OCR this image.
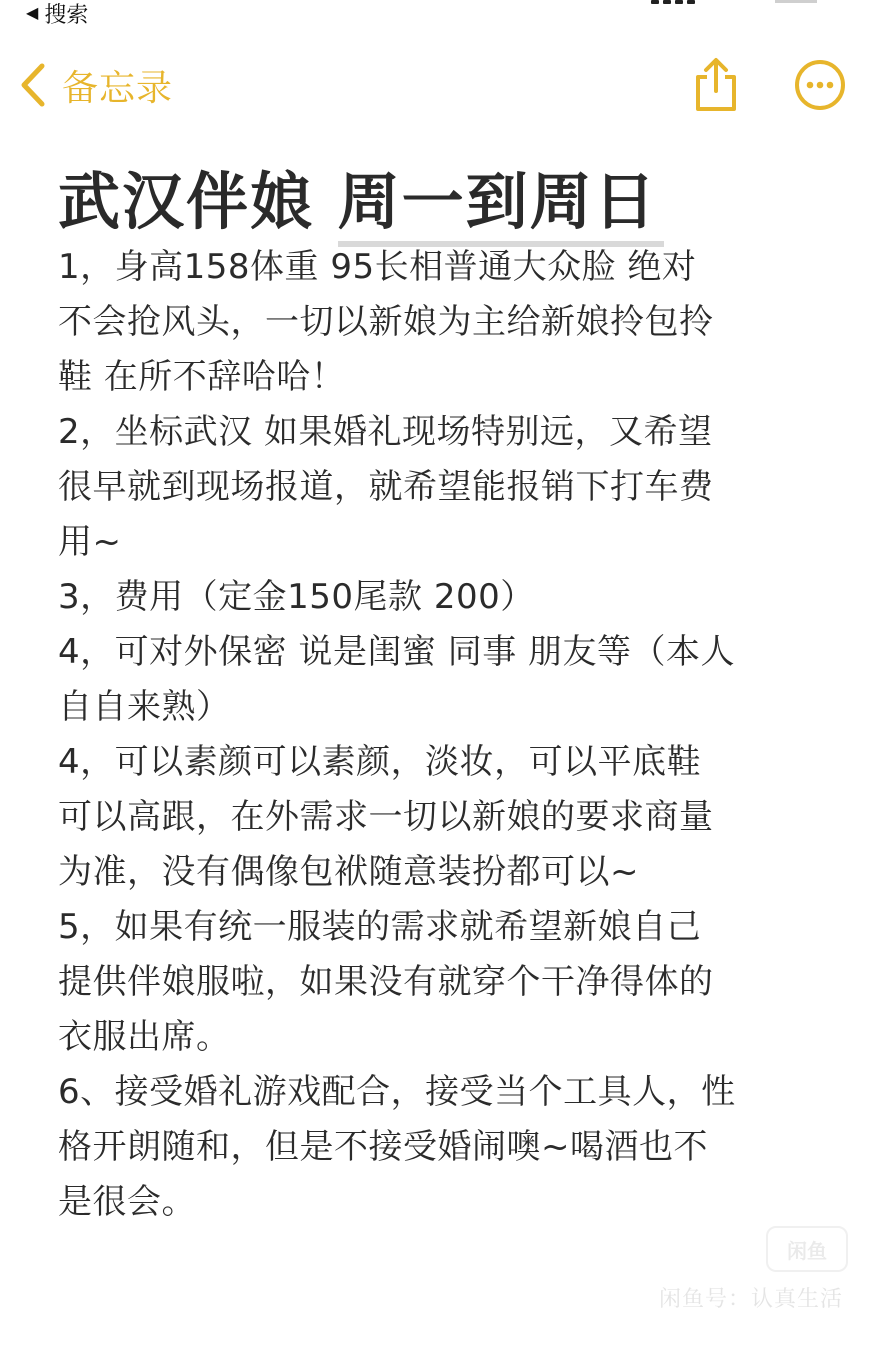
◀ 搜索
备忘录
武汉伴娘 周一到周日
1，身高158体重 95长相普通大众脸 绝对
不会抢风头，一切以新娘为主给新娘拎包拎
鞋 在所不辞哈哈！
2，坐标武汉 如果婚礼现场特别远，又希望
很早就到现场报道，就希望能报销下打车费
用~
3，费用（定金150尾款 200）
4，可对外保密 说是闺蜜 同事 朋友等（本人
自自来熟）
4，可以素颜可以素颜，淡妆，可以平底鞋
可以高跟，在外需求一切以新娘的要求商量
为准，没有偶像包袱随意装扮都可以~
5，如果有统一服装的需求就希望新娘自己
提供伴娘服啦，如果没有就穿个干净得体的
衣服出席。
6、接受婚礼游戏配合，接受当个工具人，性
格开朗随和，但是不接受婚闹噢~喝酒也不
是很会。
闲鱼
闲鱼号：认真生活
